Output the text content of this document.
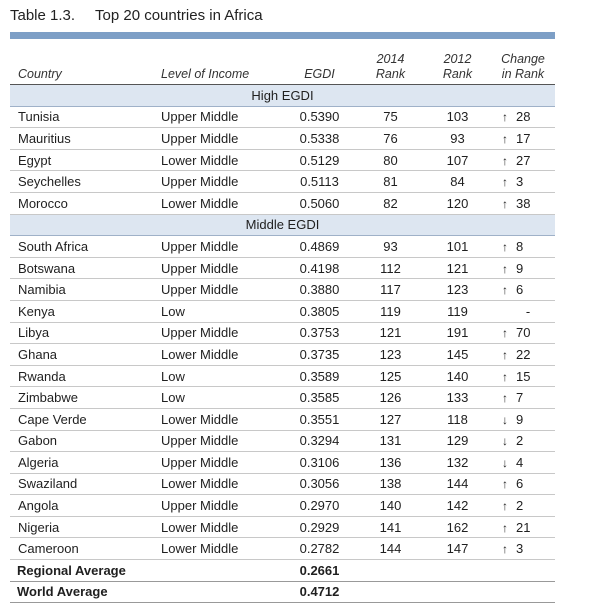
Table 1.3. Top 20 countries in Africa
Country	Level of Income	EGDI	2014 Rank	2012 Rank	Change
in Rank
High EGDI					
Tunisia	Upper Middle	0.5390	75	103	↑ 28
Mauritius	Upper Middle	0.5338	76	93	↑ 17
Egypt	Lower Middle	0.5129	80	107	↑ 27
Seychelles	Upper Middle	0.5113	81	84	↑ 3
Morocco	Lower Middle	0.5060	82	120	↑ 38
Middle EGDI					
South Africa	Upper Middle	0.4869	93	101	↑ 8
Botswana	Upper Middle	0.4198	112	121	↑ 9
Namibia	Upper Middle	0.3880	117	123	↑ 6
Kenya	Low	0.3805	119	119	-
Libya	Upper Middle	0.3753	121	191	↑ 70
Ghana	Lower Middle	0.3735	123	145	↑ 22
Rwanda	Low	0.3589	125	140	↑ 15
Zimbabwe	Low	0.3585	126	133	↑ 7
Cape Verde	Lower Middle	0.3551	127	118	↓ 9
Gabon	Upper Middle	0.3294	131	129	↓ 2
Algeria	Upper Middle	0.3106	136	132	↓ 4
Swaziland	Lower Middle	0.3056	138	144	↑ 6
Angola	Upper Middle	0.2970	140	142	↑ 2
Nigeria	Lower Middle	0.2929	141	162	↑ 21
Cameroon	Lower Middle	0.2782	144	147	↑ 3
Regional Average		0.2661			
World Average		0.4712			
